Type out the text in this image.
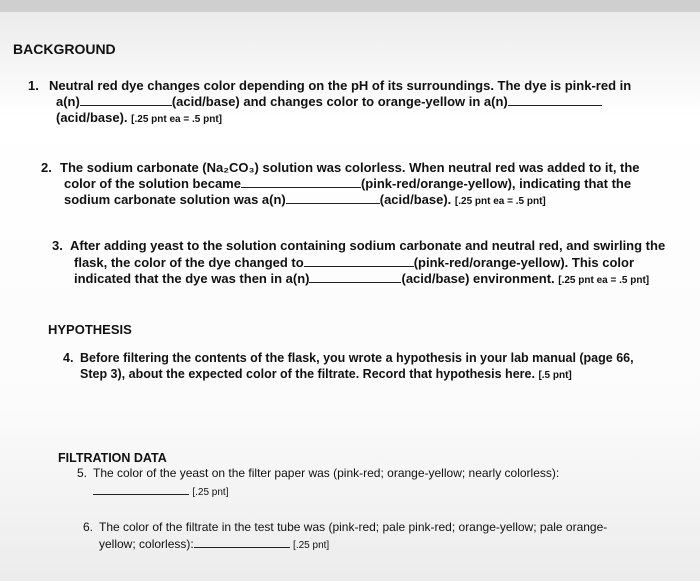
BACKGROUND
1. Neutral red dye changes color depending on the pH of its surroundings. The dye is pink-red in
a(n)	(acid/base) and changes color to orange-yellow in a(n)
(acid/base). [.25 pnt ea = .5 pnt]
2. The sodium carbonate (Na₂CO₃) solution was colorless. When neutral red was added to it, the
color of the solution became	(pink-red/orange-yellow), indicating that the
sodium carbonate solution was a(n)	(acid/base). [.25 pnt ea = .5 pnt]
3. After adding yeast to the solution containing sodium carbonate and neutral red, and swirling the
flask, the color of the dye changed to	(pink-red/orange-yellow). This color
indicated that the dye was then in a(n)	(acid/base) environment. [.25 pnt ea = .5 pnt]
HYPOTHESIS
4. Before filtering the contents of the flask, you wrote a hypothesis in your lab manual (page 66,
Step 3), about the expected color of the filtrate. Record that hypothesis here. [.5 pnt]
FILTRATION DATA
5. The color of the yeast on the filter paper was (pink-red; orange-yellow; nearly colorless):
[.25 pnt]
6. The color of the filtrate in the test tube was (pink-red; pale pink-red; orange-yellow; pale orange-
yellow; colorless):	[.25 pnt]
